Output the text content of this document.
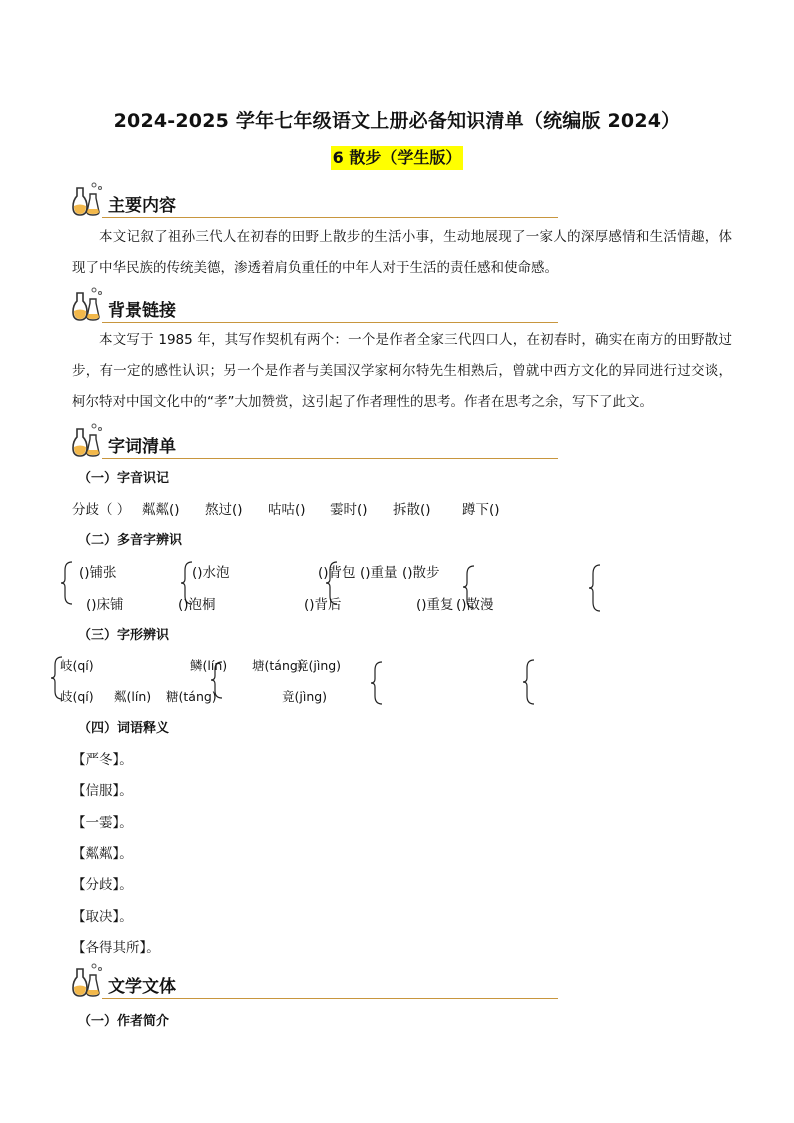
2024-2025 学年七年级语文上册必备知识清单（统编版 2024）
6 散步（学生版）
主要内容
本文记叙了祖孙三代人在初春的田野上散步的生活小事，生动地展现了一家人的深厚感情和生活情趣，体现了中华民族的传统美德，渗透着肩负重任的中年人对于生活的责任感和使命感。
背景链接
本文写于 1985 年，其写作契机有两个：一个是作者全家三代四口人，在初春时，确实在南方的田野散过步，有一定的感性认识；另一个是作者与美国汉学家柯尔特先生相熟后，曾就中西方文化的异同进行过交谈，柯尔特对中国文化中的“孝”大加赞赏，这引起了作者理性的思考。作者在思考之余，写下了此文。
字词清单
（一）字音识记
分歧（ ） 粼粼() 熬过() 咕咕() 霎时() 拆散() 蹲下()
（二）多音字辨识
()铺张
()床铺
()水泡
()泡桐
()背包
()背后
()重量
()重复
()散步
()散漫
（三）字形辨识
岐(qí)
歧(qí)
鳞(lín)
粼(lín)
塘(táng)
糖(táng)
竟(jìng)
竟(jìng)
（四）词语释义
【严冬】。
【信服】。
【一霎】。
【粼粼】。
【分歧】。
【取决】。
【各得其所】。
文学文体
（一）作者简介
